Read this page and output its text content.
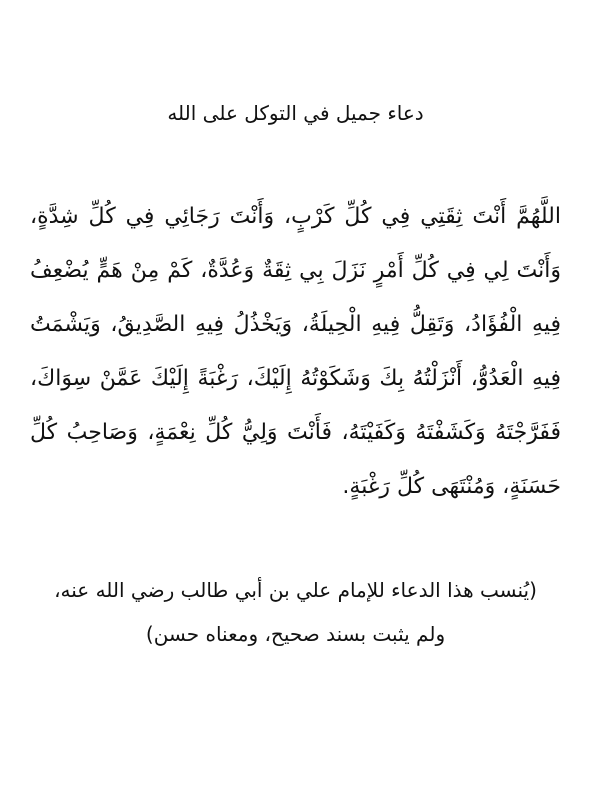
دعاء جميل في التوكل على الله

اللَّهُمَّ أَنْتَ ثِقَتِي فِي كُلِّ كَرْبٍ، وَأَنْتَ رَجَائِي فِي كُلِّ شِدَّةٍ، وَأَنْتَ لِي فِي كُلِّ أَمْرٍ نَزَلَ بِي ثِقَةٌ وَعُدَّةٌ، كَمْ مِنْ هَمٍّ يُضْعِفُ فِيهِ الْفُؤَادُ، وَتَقِلُّ فِيهِ الْحِيلَةُ، وَيَخْذُلُ فِيهِ الصَّدِيقُ، وَيَشْمَتُ فِيهِ الْعَدُوُّ، أَنْزَلْتُهُ بِكَ وَشَكَوْتُهُ إِلَيْكَ، رَغْبَةً إِلَيْكَ عَمَّنْ سِوَاكَ، فَفَرَّجْتَهُ وَكَشَفْتَهُ وَكَفَيْتَهُ، فَأَنْتَ وَلِيُّ كُلِّ نِعْمَةٍ، وَصَاحِبُ كُلِّ حَسَنَةٍ، وَمُنْتَهَى كُلِّ رَغْبَةٍ.

(يُنسب هذا الدعاء للإمام علي بن أبي طالب رضي الله عنه،
ولم يثبت بسند صحيح، ومعناه حسن)
